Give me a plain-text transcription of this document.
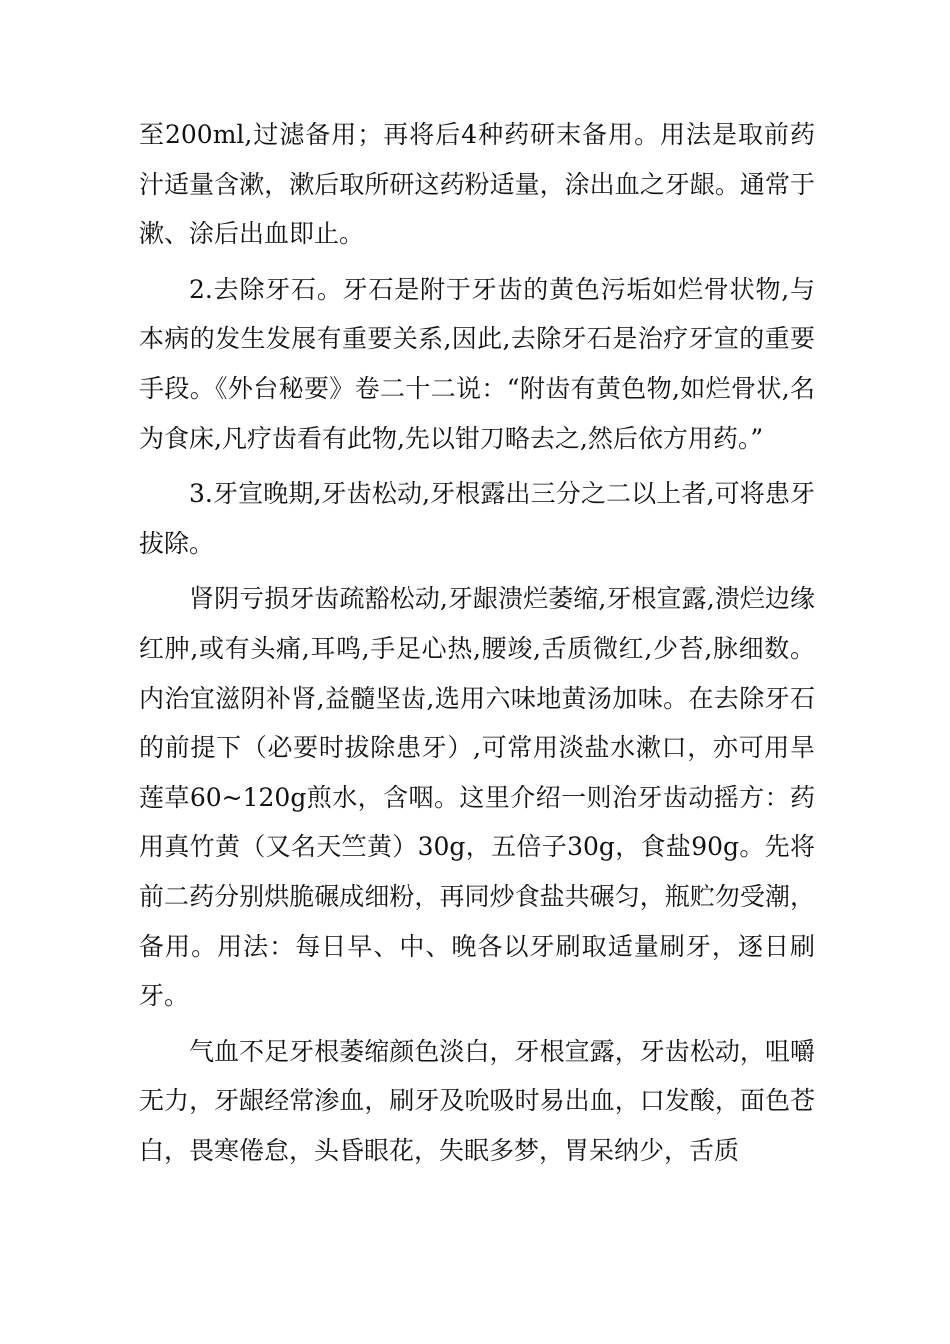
至200ml,过滤备用；再将后4种药研末备用。用法是取前药汁适量含漱，漱后取所研这药粉适量，涂出血之牙龈。通常于漱、涂后出血即止。

2.去除牙石。牙石是附于牙齿的黄色污垢如烂骨状物,与本病的发生发展有重要关系,因此,去除牙石是治疗牙宣的重要手段。《外台秘要》卷二十二说：“附齿有黄色物,如烂骨状,名为食床,凡疗齿看有此物,先以钳刀略去之,然后依方用药。”

3.牙宣晚期,牙齿松动,牙根露出三分之二以上者,可将患牙拔除。

肾阴亏损牙齿疏豁松动,牙龈溃烂萎缩,牙根宣露,溃烂边缘红肿,或有头痛,耳鸣,手足心热,腰竣,舌质微红,少苔,脉细数。内治宜滋阴补肾,益髓坚齿,选用六味地黄汤加味。在去除牙石的前提下（必要时拔除患牙）,可常用淡盐水漱口，亦可用旱莲草60~120g煎水，含咽。这里介绍一则治牙齿动摇方：药用真竹黄（又名天竺黄）30g，五倍子30g，食盐90g。先将前二药分别烘脆碾成细粉，再同炒食盐共碾匀，瓶贮勿受潮，备用。用法：每日早、中、晚各以牙刷取适量刷牙，逐日刷牙。

气血不足牙根萎缩颜色淡白，牙根宣露，牙齿松动，咀嚼无力，牙龈经常渗血，刷牙及吮吸时易出血，口发酸，面色苍白，畏寒倦怠，头昏眼花，失眠多梦，胃呆纳少，舌质
